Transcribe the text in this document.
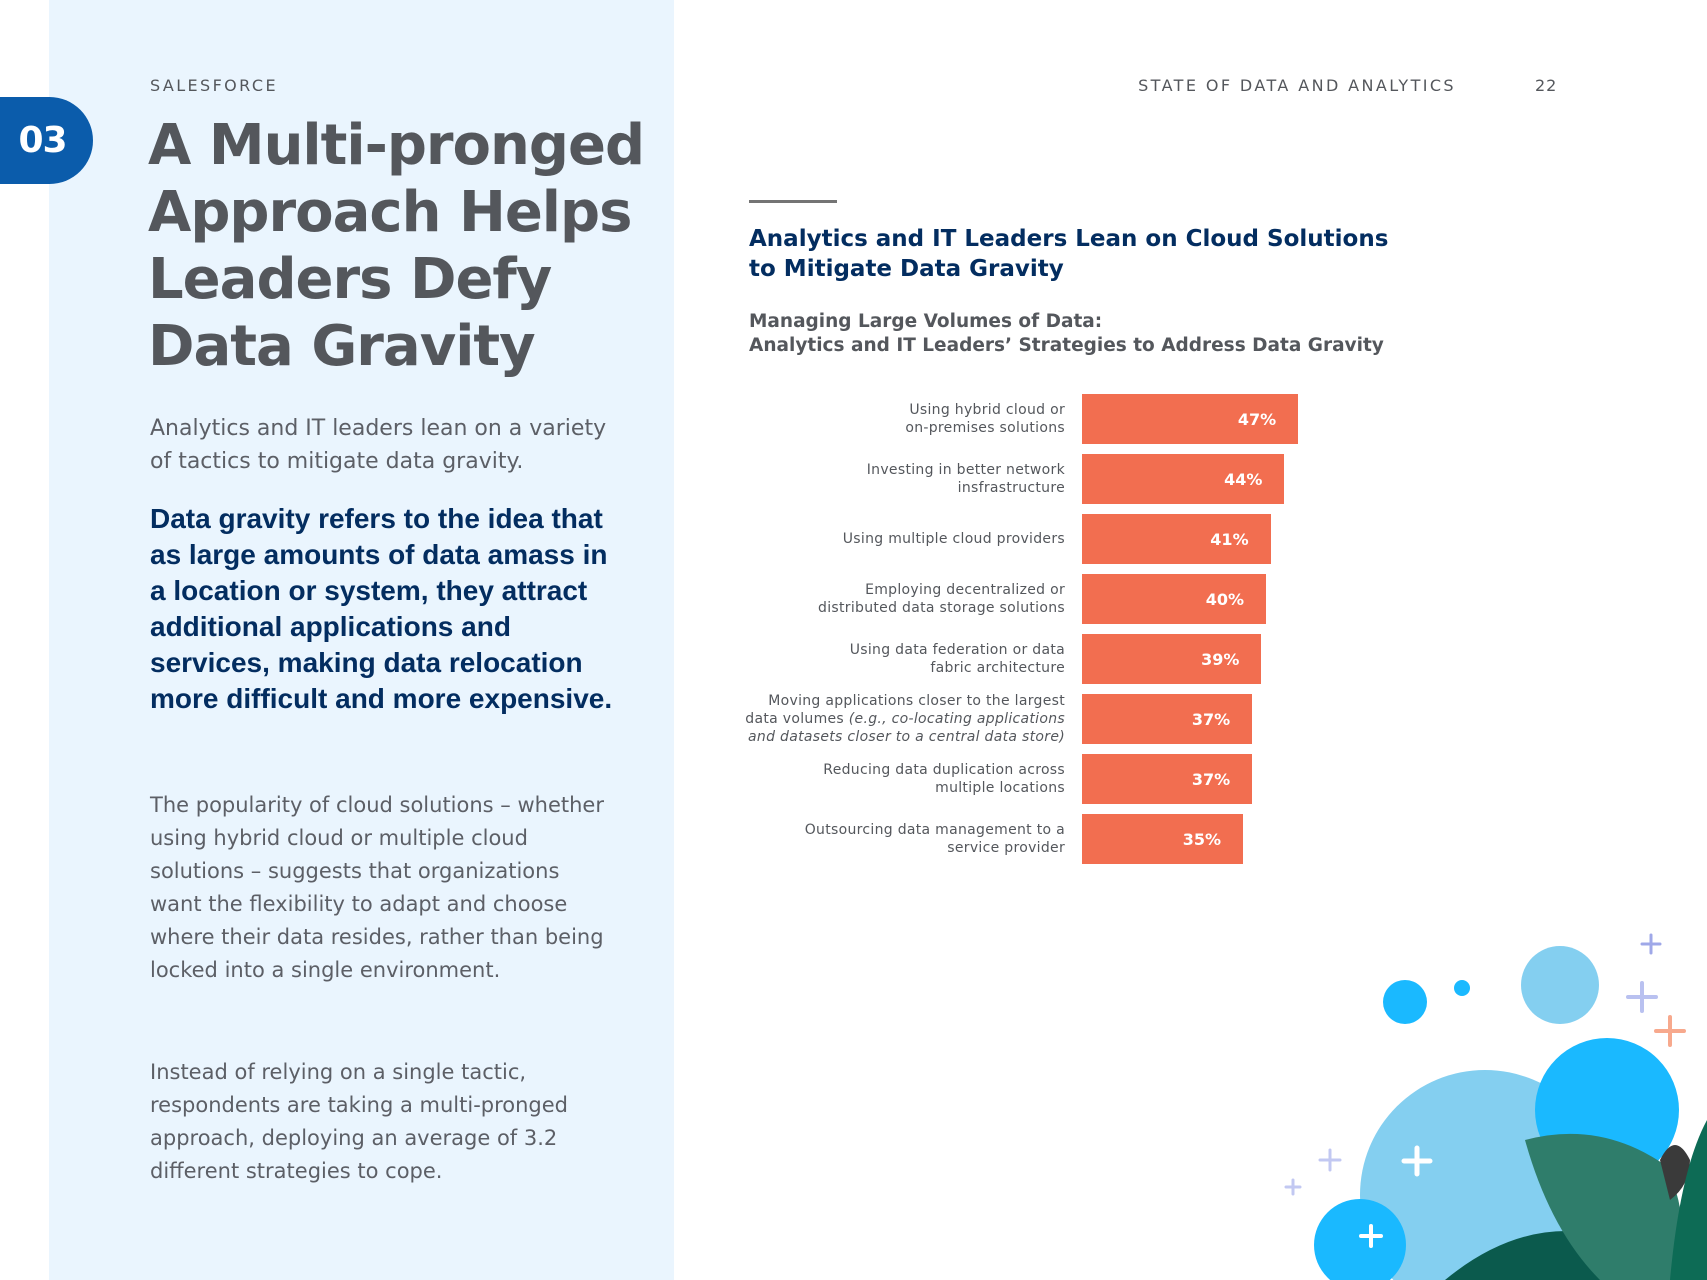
03
SALESFORCE	STATE OF DATA AND ANALYTICS	22
A Multi-pronged Approach Helps Leaders Defy Data Gravity

Analytics and IT leaders lean on a variety of tactics to mitigate data gravity.

Data gravity refers to the idea that as large amounts of data amass in a location or system, they attract additional applications and services, making data relocation more difficult and more expensive.

The popularity of cloud solutions – whether using hybrid cloud or multiple cloud solutions – suggests that organizations want the flexibility to adapt and choose where their data resides, rather than being locked into a single environment.

Instead of relying on a single tactic, respondents are taking a multi-pronged approach, deploying an average of 3.2 different strategies to cope.

Analytics and IT Leaders Lean on Cloud Solutions to Mitigate Data Gravity
Managing Large Volumes of Data:
Analytics and IT Leaders’ Strategies to Address Data Gravity
Using hybrid cloud or
on-premises solutions	47%
Investing in better network
insfrastructure	44%
Using multiple cloud providers	41%
Employing decentralized or
distributed data storage solutions	40%
Using data federation or data
fabric architecture	39%
Moving applications closer to the largest
data volumes (e.g., co-locating applications
and datasets closer to a central data store)
37%
Reducing data duplication across
multiple locations	37%
Outsourcing data management to a
service provider	35%
